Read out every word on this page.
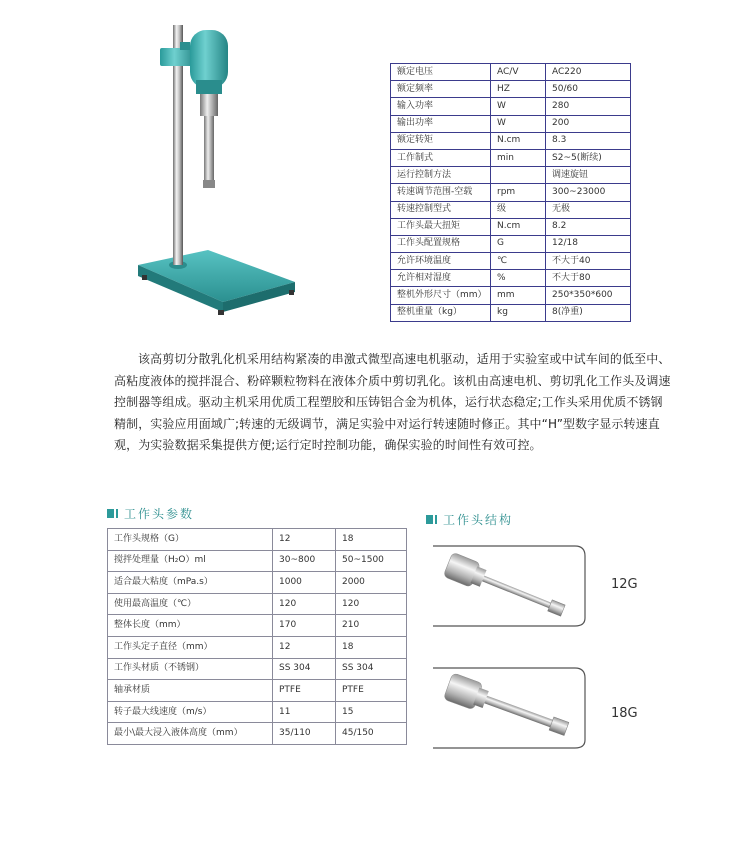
额定电压	AC/V	AC220
额定频率	HZ	50/60
输入功率	W	280
输出功率	W	200
额定转矩	N.cm	8.3
工作制式	min	S2~5(断续)
运行控制方法		调速旋钮
转速调节范围-空载	rpm	300~23000
转速控制型式	级	无极
工作头最大扭矩	N.cm	8.2
工作头配置规格	G	12/18
允许环境温度	℃	不大于40
允许相对湿度	%	不大于80
整机外形尺寸（mm）	mm	250*350*600
整机重量（kg）	kg	8(净重)

该高剪切分散乳化机采用结构紧凑的串激式微型高速电机驱动，适用于实验室或中试车间的低至中、高粘度液体的搅拌混合、粉碎颗粒物料在液体介质中剪切乳化。该机由高速电机、剪切乳化工作头及调速控制器等组成。驱动主机采用优质工程塑胶和压铸铝合金为机体，运行状态稳定;工作头采用优质不锈钢精制，实验应用面域广;转速的无级调节，满足实验中对运行转速随时修正。其中“H”型数字显示转速直观，为实验数据采集提供方便;运行定时控制功能，确保实验的时间性有效可控。

工作头参数
工作头规格（G）	12	18
搅拌处理量（H₂O）ml	30~800	50~1500
适合最大粘度（mPa.s）	1000	2000
使用最高温度（℃）	120	120
整体长度（mm）	170	210
工作头定子直径（mm）	12	18
工作头材质（不锈钢）	SS 304	SS 304
轴承材质	PTFE	PTFE
转子最大线速度（m/s）	11	15
最小\最大浸入液体高度（mm）	35/110	45/150
工作头结构
12G
18G
